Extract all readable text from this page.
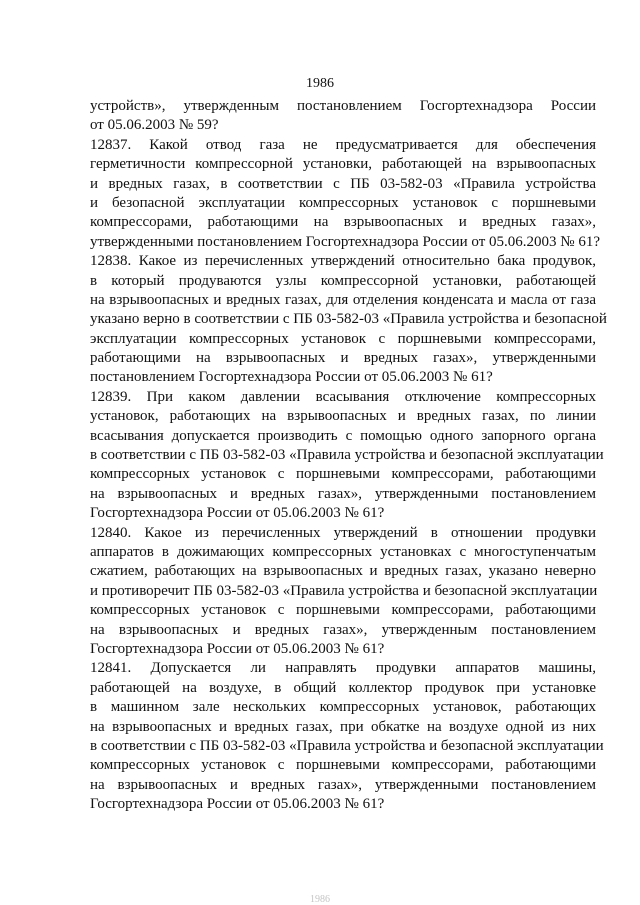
1986
устройств», утвержденным постановлением Госгортехнадзора России
от 05.06.2003 № 59?
12837. Какой отвод газа не предусматривается для обеспечения
герметичности компрессорной установки, работающей на взрывоопасных
и вредных газах, в соответствии с ПБ 03-582-03 «Правила устройства
и безопасной эксплуатации компрессорных установок с поршневыми
компрессорами, работающими на взрывоопасных и вредных газах»,
утвержденными постановлением Госгортехнадзора России от 05.06.2003 № 61?
12838. Какое из перечисленных утверждений относительно бака продувок,
в который продуваются узлы компрессорной установки, работающей
на взрывоопасных и вредных газах, для отделения конденсата и масла от газа
указано верно в соответствии с ПБ 03-582-03 «Правила устройства и безопасной
эксплуатации компрессорных установок с поршневыми компрессорами,
работающими на взрывоопасных и вредных газах», утвержденными
постановлением Госгортехнадзора России от 05.06.2003 № 61?
12839. При каком давлении всасывания отключение компрессорных
установок, работающих на взрывоопасных и вредных газах, по линии
всасывания допускается производить с помощью одного запорного органа
в соответствии с ПБ 03-582-03 «Правила устройства и безопасной эксплуатации
компрессорных установок с поршневыми компрессорами, работающими
на взрывоопасных и вредных газах», утвержденными постановлением
Госгортехнадзора России от 05.06.2003 № 61?
12840. Какое из перечисленных утверждений в отношении продувки
аппаратов в дожимающих компрессорных установках с многоступенчатым
сжатием, работающих на взрывоопасных и вредных газах, указано неверно
и противоречит ПБ 03-582-03 «Правила устройства и безопасной эксплуатации
компрессорных установок с поршневыми компрессорами, работающими
на взрывоопасных и вредных газах», утвержденным постановлением
Госгортехнадзора России от 05.06.2003 № 61?
12841. Допускается ли направлять продувки аппаратов машины,
работающей на воздухе, в общий коллектор продувок при установке
в машинном зале нескольких компрессорных установок, работающих
на взрывоопасных и вредных газах, при обкатке на воздухе одной из них
в соответствии с ПБ 03-582-03 «Правила устройства и безопасной эксплуатации
компрессорных установок с поршневыми компрессорами, работающими
на взрывоопасных и вредных газах», утвержденными постановлением
Госгортехнадзора России от 05.06.2003 № 61?
1986
